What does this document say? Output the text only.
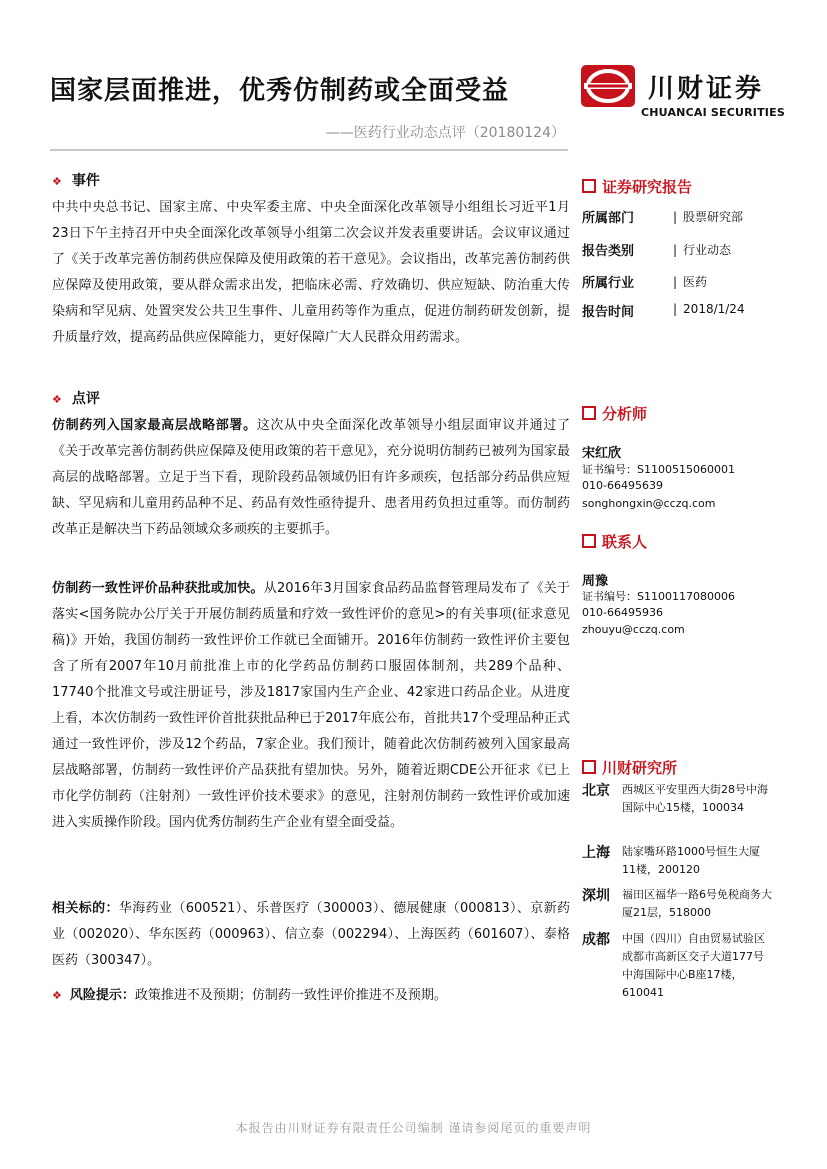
国家层面推进，优秀仿制药或全面受益
——医药行业动态点评（20180124）
川财证券
CHUANCAI SECURITIES
❖ 事件
中共中央总书记、国家主席、中央军委主席、中央全面深化改革领导小组组长习近平1月23日下午主持召开中央全面深化改革领导小组第二次会议并发表重要讲话。会议审议通过了《关于改革完善仿制药供应保障及使用政策的若干意见》。会议指出，改革完善仿制药供应保障及使用政策，要从群众需求出发，把临床必需、疗效确切、供应短缺、防治重大传染病和罕见病、处置突发公共卫生事件、儿童用药等作为重点，促进仿制药研发创新，提升质量疗效，提高药品供应保障能力，更好保障广大人民群众用药需求。
❖ 点评
仿制药列入国家最高层战略部署。这次从中央全面深化改革领导小组层面审议并通过了《关于改革完善仿制药供应保障及使用政策的若干意见》，充分说明仿制药已被列为国家最高层的战略部署。立足于当下看，现阶段药品领域仍旧有许多顽疾，包括部分药品供应短缺、罕见病和儿童用药品种不足、药品有效性亟待提升、患者用药负担过重等。而仿制药改革正是解决当下药品领域众多顽疾的主要抓手。
仿制药一致性评价品种获批或加快。从2016年3月国家食品药品监督管理局发布了《关于落实<国务院办公厅关于开展仿制药质量和疗效一致性评价的意见>的有关事项(征求意见稿)》开始，我国仿制药一致性评价工作就已全面铺开。2016年仿制药一致性评价主要包含了所有2007年10月前批准上市的化学药品仿制药口服固体制剂，共289个品种、17740个批准文号或注册证号，涉及1817家国内生产企业、42家进口药品企业。从进度上看，本次仿制药一致性评价首批获批品种已于2017年底公布，首批共17个受理品种正式通过一致性评价，涉及12个药品，7家企业。我们预计，随着此次仿制药被列入国家最高层战略部署，仿制药一致性评价产品获批有望加快。另外，随着近期CDE公开征求《已上市化学仿制药（注射剂）一致性评价技术要求》的意见，注射剂仿制药一致性评价或加速进入实质操作阶段。国内优秀仿制药生产企业有望全面受益。
相关标的：华海药业（600521）、乐普医疗（300003）、德展健康（000813）、京新药业（002020）、华东医药（000963）、信立泰（002294）、上海医药（601607）、泰格医药（300347）。
❖ 风险提示：政策推进不及预期；仿制药一致性评价推进不及预期。
证券研究报告
所属部门	| 股票研究部
报告类别	| 行业动态
所属行业	| 医药
报告时间	| 2018/1/24
分析师
宋红欣
证书编号：S1100515060001
010-66495639
songhongxin@cczq.com
联系人
周豫
证书编号：S1100117080006
010-66495936
zhouyu@cczq.com
川财研究所
北京 西城区平安里西大街28号中海国际中心15楼，100034
上海 陆家嘴环路1000号恒生大厦11楼，200120
深圳 福田区福华一路6号免税商务大厦21层，518000
成都 中国（四川）自由贸易试验区成都市高新区交子大道177号中海国际中心B座17楼，610041
本报告由川财证券有限责任公司编制 谨请参阅尾页的重要声明
